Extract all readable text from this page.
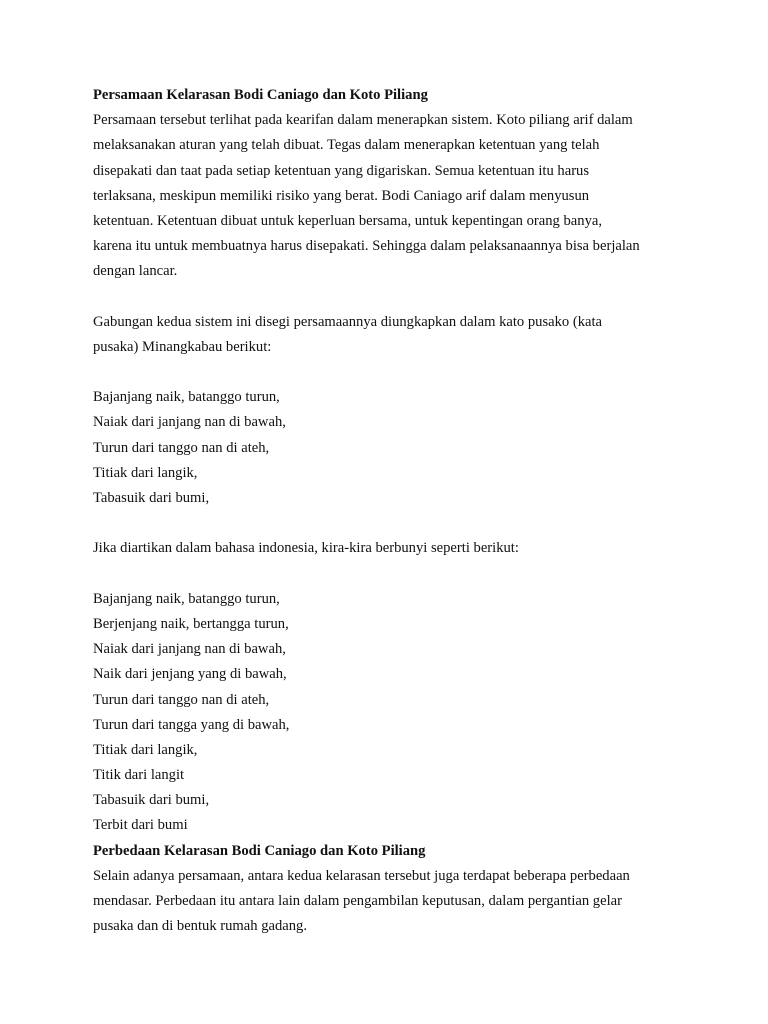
Persamaan Kelarasan Bodi Caniago dan Koto Piliang
Persamaan tersebut terlihat pada kearifan dalam menerapkan sistem. Koto piliang arif dalam
melaksanakan aturan yang telah dibuat. Tegas dalam menerapkan ketentuan yang telah
disepakati dan taat pada setiap ketentuan yang digariskan. Semua ketentuan itu harus
terlaksana, meskipun memiliki risiko yang berat. Bodi Caniago arif dalam menyusun
ketentuan. Ketentuan dibuat untuk keperluan bersama, untuk kepentingan orang banya,
karena itu untuk membuatnya harus disepakati. Sehingga dalam pelaksanaannya bisa berjalan
dengan lancar.
Gabungan kedua sistem ini disegi persamaannya diungkapkan dalam kato pusako (kata
pusaka) Minangkabau berikut:
Bajanjang naik, batanggo turun,
Naiak dari janjang nan di bawah,
Turun dari tanggo nan di ateh,
Titiak dari langik,
Tabasuik dari bumi,
Jika diartikan dalam bahasa indonesia, kira-kira berbunyi seperti berikut:
Bajanjang naik, batanggo turun,
Berjenjang naik, bertangga turun,
Naiak dari janjang nan di bawah,
Naik dari jenjang yang di bawah,
Turun dari tanggo nan di ateh,
Turun dari tangga yang di bawah,
Titiak dari langik,
Titik dari langit
Tabasuik dari bumi,
Terbit dari bumi
Perbedaan Kelarasan Bodi Caniago dan Koto Piliang
Selain adanya persamaan, antara kedua kelarasan tersebut juga terdapat beberapa perbedaan
mendasar. Perbedaan itu antara lain dalam pengambilan keputusan, dalam pergantian gelar
pusaka dan di bentuk rumah gadang.
